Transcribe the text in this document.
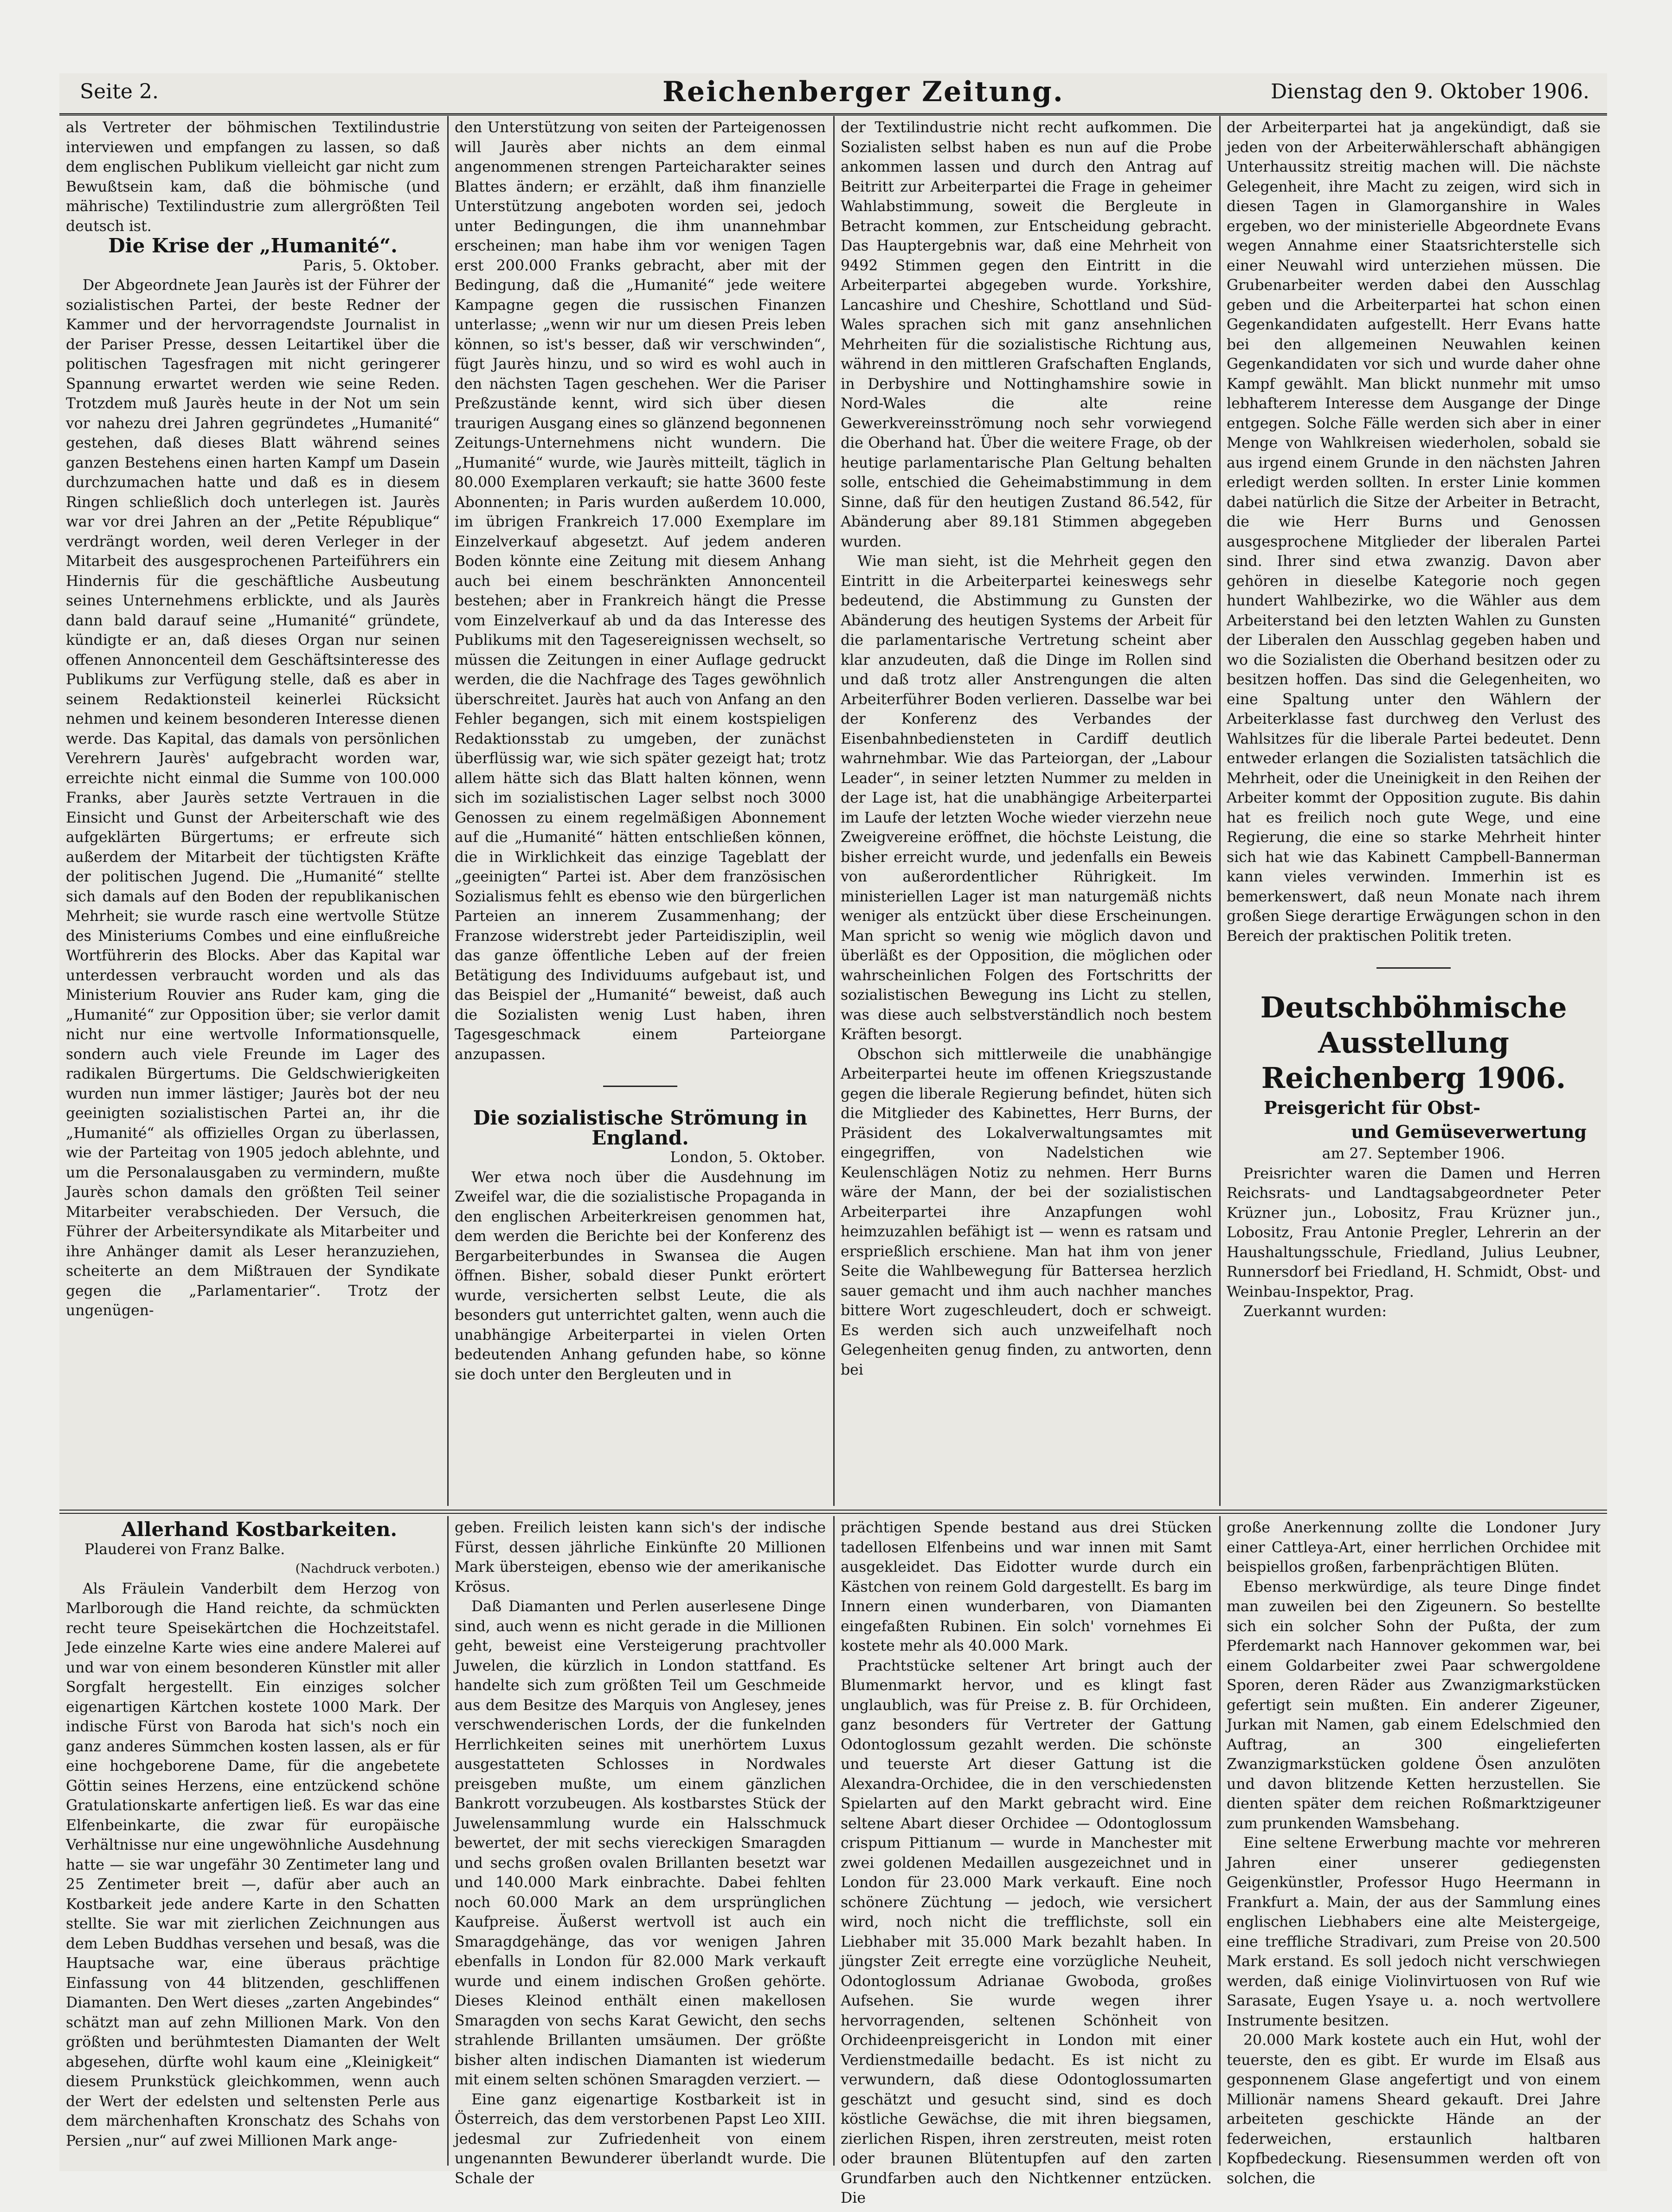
Seite 2.	Reichenberger Zeitung.	Dienstag den 9. Oktober 1906.

als Vertreter der böhmischen Textilindustrie interviewen und empfangen zu lassen, so daß dem englischen Publikum vielleicht gar nicht zum Bewußtsein kam, daß die böhmische (und mährische) Textilindustrie zum allergrößten Teil deutsch ist.

Die Krise der „Humanité“.

Paris, 5. Oktober.

Der Abgeordnete Jean Jaurès ist der Führer der sozialistischen Partei, der beste Redner der Kammer und der hervorragendste Journalist in der Pariser Presse, dessen Leitartikel über die politischen Tagesfragen mit nicht geringerer Spannung erwartet werden wie seine Reden. Trotzdem muß Jaurès heute in der Not um sein vor nahezu drei Jahren gegründetes „Humanité“ gestehen, daß dieses Blatt während seines ganzen Bestehens einen harten Kampf um Dasein durchzumachen hatte und daß es in diesem Ringen schließlich doch unterlegen ist. Jaurès war vor drei Jahren an der „Petite République“ verdrängt worden, weil deren Verleger in der Mitarbeit des ausgesprochenen Parteiführers ein Hindernis für die geschäftliche Ausbeutung seines Unternehmens erblickte, und als Jaurès dann bald darauf seine „Humanité“ gründete, kündigte er an, daß dieses Organ nur seinen offenen Annoncenteil dem Geschäftsinteresse des Publikums zur Verfügung stelle, daß es aber in seinem Redaktionsteil keinerlei Rücksicht nehmen und keinem besonderen Interesse dienen werde. Das Kapital, das damals von persönlichen Verehrern Jaurès' aufgebracht worden war, erreichte nicht einmal die Summe von 100.000 Franks, aber Jaurès setzte Vertrauen in die Einsicht und Gunst der Arbeiterschaft wie des aufgeklärten Bürgertums; er erfreute sich außerdem der Mitarbeit der tüchtigsten Kräfte der politischen Jugend. Die „Humanité“ stellte sich damals auf den Boden der republikanischen Mehrheit; sie wurde rasch eine wertvolle Stütze des Ministeriums Combes und eine einflußreiche Wortführerin des Blocks. Aber das Kapital war unterdessen verbraucht worden und als das Ministerium Rouvier ans Ruder kam, ging die „Humanité“ zur Opposition über; sie verlor damit nicht nur eine wertvolle Informationsquelle, sondern auch viele Freunde im Lager des radikalen Bürgertums. Die Geldschwierigkeiten wurden nun immer lästiger; Jaurès bot der neu geeinigten sozialistischen Partei an, ihr die „Humanité“ als offizielles Organ zu überlassen, wie der Parteitag von 1905 jedoch ablehnte, und um die Personalausgaben zu vermindern, mußte Jaurès schon damals den größten Teil seiner Mitarbeiter verabschieden. Der Versuch, die Führer der Arbeitersyndikate als Mitarbeiter und ihre Anhänger damit als Leser heranzuziehen, scheiterte an dem Mißtrauen der Syndikate gegen die „Parlamentarier“. Trotz der ungenügen-

den Unterstützung von seiten der Parteigenossen will Jaurès aber nichts an dem einmal angenommenen strengen Parteicharakter seines Blattes ändern; er erzählt, daß ihm finanzielle Unterstützung angeboten worden sei, jedoch unter Bedingungen, die ihm unannehmbar erscheinen; man habe ihm vor wenigen Tagen erst 200.000 Franks gebracht, aber mit der Bedingung, daß die „Humanité“ jede weitere Kampagne gegen die russischen Finanzen unterlasse; „wenn wir nur um diesen Preis leben können, so ist's besser, daß wir verschwinden“, fügt Jaurès hinzu, und so wird es wohl auch in den nächsten Tagen geschehen. Wer die Pariser Preßzustände kennt, wird sich über diesen traurigen Ausgang eines so glänzend begonnenen Zeitungs-Unternehmens nicht wundern. Die „Humanité“ wurde, wie Jaurès mitteilt, täglich in 80.000 Exemplaren verkauft; sie hatte 3600 feste Abonnenten; in Paris wurden außerdem 10.000, im übrigen Frankreich 17.000 Exemplare im Einzelverkauf abgesetzt. Auf jedem anderen Boden könnte eine Zeitung mit diesem Anhang auch bei einem beschränkten Annoncenteil bestehen; aber in Frankreich hängt die Presse vom Einzelverkauf ab und da das Interesse des Publikums mit den Tagesereignissen wechselt, so müssen die Zeitungen in einer Auflage gedruckt werden, die die Nachfrage des Tages gewöhnlich überschreitet. Jaurès hat auch von Anfang an den Fehler begangen, sich mit einem kostspieligen Redaktionsstab zu umgeben, der zunächst überflüssig war, wie sich später gezeigt hat; trotz allem hätte sich das Blatt halten können, wenn sich im sozialistischen Lager selbst noch 3000 Genossen zu einem regelmäßigen Abonnement auf die „Humanité“ hätten entschließen können, die in Wirklichkeit das einzige Tageblatt der „geeinigten“ Partei ist. Aber dem französischen Sozialismus fehlt es ebenso wie den bürgerlichen Parteien an innerem Zusammenhang; der Franzose widerstrebt jeder Parteidisziplin, weil das ganze öffentliche Leben auf der freien Betätigung des Individuums aufgebaut ist, und das Beispiel der „Humanité“ beweist, daß auch die Sozialisten wenig Lust haben, ihren Tagesgeschmack einem Parteiorgane anzupassen.

Die sozialistische Strömung in England.

London, 5. Oktober.

Wer etwa noch über die Ausdehnung im Zweifel war, die die sozialistische Propaganda in den englischen Arbeiterkreisen genommen hat, dem werden die Berichte bei der Konferenz des Bergarbeiterbundes in Swansea die Augen öffnen. Bisher, sobald dieser Punkt erörtert wurde, versicherten selbst Leute, die als besonders gut unterrichtet galten, wenn auch die unabhängige Arbeiterpartei in vielen Orten bedeutenden Anhang gefunden habe, so könne sie doch unter den Bergleuten und in

der Textilindustrie nicht recht aufkommen. Die Sozialisten selbst haben es nun auf die Probe ankommen lassen und durch den Antrag auf Beitritt zur Arbeiterpartei die Frage in geheimer Wahlabstimmung, soweit die Bergleute in Betracht kommen, zur Entscheidung gebracht. Das Hauptergebnis war, daß eine Mehrheit von 9492 Stimmen gegen den Eintritt in die Arbeiterpartei abgegeben wurde. Yorkshire, Lancashire und Cheshire, Schottland und Süd-Wales sprachen sich mit ganz ansehnlichen Mehrheiten für die sozialistische Richtung aus, während in den mittleren Grafschaften Englands, in Derbyshire und Nottinghamshire sowie in Nord-Wales die alte reine Gewerkvereinsströmung noch sehr vorwiegend die Oberhand hat. Über die weitere Frage, ob der heutige parlamentarische Plan Geltung behalten solle, entschied die Geheimabstimmung in dem Sinne, daß für den heutigen Zustand 86.542, für Abänderung aber 89.181 Stimmen abgegeben wurden.

Wie man sieht, ist die Mehrheit gegen den Eintritt in die Arbeiterpartei keineswegs sehr bedeutend, die Abstimmung zu Gunsten der Abänderung des heutigen Systems der Arbeit für die parlamentarische Vertretung scheint aber klar anzudeuten, daß die Dinge im Rollen sind und daß trotz aller Anstrengungen die alten Arbeiterführer Boden verlieren. Dasselbe war bei der Konferenz des Verbandes der Eisenbahnbediensteten in Cardiff deutlich wahrnehmbar. Wie das Parteiorgan, der „Labour Leader“, in seiner letzten Nummer zu melden in der Lage ist, hat die unabhängige Arbeiterpartei im Laufe der letzten Woche wieder vierzehn neue Zweigvereine eröffnet, die höchste Leistung, die bisher erreicht wurde, und jedenfalls ein Beweis von außerordentlicher Rührigkeit. Im ministeriellen Lager ist man naturgemäß nichts weniger als entzückt über diese Erscheinungen. Man spricht so wenig wie möglich davon und überläßt es der Opposition, die möglichen oder wahrscheinlichen Folgen des Fortschritts der sozialistischen Bewegung ins Licht zu stellen, was diese auch selbstverständlich noch bestem Kräften besorgt.

Obschon sich mittlerweile die unabhängige Arbeiterpartei heute im offenen Kriegszustande gegen die liberale Regierung befindet, hüten sich die Mitglieder des Kabinettes, Herr Burns, der Präsident des Lokalverwaltungsamtes mit eingegriffen, von Nadelstichen wie Keulenschlägen Notiz zu nehmen. Herr Burns wäre der Mann, der bei der sozialistischen Arbeiterpartei ihre Anzapfungen wohl heimzuzahlen befähigt ist — wenn es ratsam und ersprießlich erschiene. Man hat ihm von jener Seite die Wahlbewegung für Battersea herzlich sauer gemacht und ihm auch nachher manches bittere Wort zugeschleudert, doch er schweigt. Es werden sich auch unzweifelhaft noch Gelegenheiten genug finden, zu antworten, denn bei

der Arbeiterpartei hat ja angekündigt, daß sie jeden von der Arbeiterwählerschaft abhängigen Unterhaussitz streitig machen will. Die nächste Gelegenheit, ihre Macht zu zeigen, wird sich in diesen Tagen in Glamorganshire in Wales ergeben, wo der ministerielle Abgeordnete Evans wegen Annahme einer Staatsrichterstelle sich einer Neuwahl wird unterziehen müssen. Die Grubenarbeiter werden dabei den Ausschlag geben und die Arbeiterpartei hat schon einen Gegenkandidaten aufgestellt. Herr Evans hatte bei den allgemeinen Neuwahlen keinen Gegenkandidaten vor sich und wurde daher ohne Kampf gewählt. Man blickt nunmehr mit umso lebhafterem Interesse dem Ausgange der Dinge entgegen. Solche Fälle werden sich aber in einer Menge von Wahlkreisen wiederholen, sobald sie aus irgend einem Grunde in den nächsten Jahren erledigt werden sollten. In erster Linie kommen dabei natürlich die Sitze der Arbeiter in Betracht, die wie Herr Burns und Genossen ausgesprochene Mitglieder der liberalen Partei sind. Ihrer sind etwa zwanzig. Davon aber gehören in dieselbe Kategorie noch gegen hundert Wahlbezirke, wo die Wähler aus dem Arbeiterstand bei den letzten Wahlen zu Gunsten der Liberalen den Ausschlag gegeben haben und wo die Sozialisten die Oberhand besitzen oder zu besitzen hoffen. Das sind die Gelegenheiten, wo eine Spaltung unter den Wählern der Arbeiterklasse fast durchweg den Verlust des Wahlsitzes für die liberale Partei bedeutet. Denn entweder erlangen die Sozialisten tatsächlich die Mehrheit, oder die Uneinigkeit in den Reihen der Arbeiter kommt der Opposition zugute. Bis dahin hat es freilich noch gute Wege, und eine Regierung, die eine so starke Mehrheit hinter sich hat wie das Kabinett Campbell-Bannerman kann vieles verwinden. Immerhin ist es bemerkenswert, daß neun Monate nach ihrem großen Siege derartige Erwägungen schon in den Bereich der praktischen Politik treten.

Deutschböhmische Ausstellung Reichenberg 1906.

Preisgericht für Obst-

und Gemüseverwertung

am 27. September 1906.

Preisrichter waren die Damen und Herren Reichsrats- und Landtagsabgeordneter Peter Krüzner jun., Lobositz, Frau Krüzner jun., Lobositz, Frau Antonie Pregler, Lehrerin an der Haushaltungsschule, Friedland, Julius Leubner, Runnersdorf bei Friedland, H. Schmidt, Obst- und Weinbau-Inspektor, Prag.

Zuerkannt wurden:

Allerhand Kostbarkeiten.

Plauderei von Franz Balke.

(Nachdruck verboten.)

Als Fräulein Vanderbilt dem Herzog von Marlborough die Hand reichte, da schmückten recht teure Speisekärtchen die Hochzeitstafel. Jede einzelne Karte wies eine andere Malerei auf und war von einem besonderen Künstler mit aller Sorgfalt hergestellt. Ein einziges solcher eigenartigen Kärtchen kostete 1000 Mark. Der indische Fürst von Baroda hat sich's noch ein ganz anderes Sümmchen kosten lassen, als er für eine hochgeborene Dame, für die angebetete Göttin seines Herzens, eine entzückend schöne Gratulationskarte anfertigen ließ. Es war das eine Elfenbeinkarte, die zwar für europäische Verhältnisse nur eine ungewöhnliche Ausdehnung hatte — sie war ungefähr 30 Zentimeter lang und 25 Zentimeter breit —, dafür aber auch an Kostbarkeit jede andere Karte in den Schatten stellte. Sie war mit zierlichen Zeichnungen aus dem Leben Buddhas versehen und besaß, was die Hauptsache war, eine überaus prächtige Einfassung von 44 blitzenden, geschliffenen Diamanten. Den Wert dieses „zarten Angebindes“ schätzt man auf zehn Millionen Mark. Von den größten und berühmtesten Diamanten der Welt abgesehen, dürfte wohl kaum eine „Kleinigkeit“ diesem Prunkstück gleichkommen, wenn auch der Wert der edelsten und seltensten Perle aus dem märchenhaften Kronschatz des Schahs von Persien „nur“ auf zwei Millionen Mark ange-

geben. Freilich leisten kann sich's der indische Fürst, dessen jährliche Einkünfte 20 Millionen Mark übersteigen, ebenso wie der amerikanische Krösus.

Daß Diamanten und Perlen auserlesene Dinge sind, auch wenn es nicht gerade in die Millionen geht, beweist eine Versteigerung prachtvoller Juwelen, die kürzlich in London stattfand. Es handelte sich zum größten Teil um Geschmeide aus dem Besitze des Marquis von Anglesey, jenes verschwenderischen Lords, der die funkelnden Herrlichkeiten seines mit unerhörtem Luxus ausgestatteten Schlosses in Nordwales preisgeben mußte, um einem gänzlichen Bankrott vorzubeugen. Als kostbarstes Stück der Juwelensammlung wurde ein Halsschmuck bewertet, der mit sechs viereckigen Smaragden und sechs großen ovalen Brillanten besetzt war und 140.000 Mark einbrachte. Dabei fehlten noch 60.000 Mark an dem ursprünglichen Kaufpreise. Äußerst wertvoll ist auch ein Smaragdgehänge, das vor wenigen Jahren ebenfalls in London für 82.000 Mark verkauft wurde und einem indischen Großen gehörte. Dieses Kleinod enthält einen makellosen Smaragden von sechs Karat Gewicht, den sechs strahlende Brillanten umsäumen. Der größte bisher alten indischen Diamanten ist wiederum mit einem selten schönen Smaragden verziert. —

Eine ganz eigenartige Kostbarkeit ist in Österreich, das dem verstorbenen Papst Leo XIII. jedesmal zur Zufriedenheit von einem ungenannten Bewunderer überlandt wurde. Die Schale der

prächtigen Spende bestand aus drei Stücken tadellosen Elfenbeins und war innen mit Samt ausgekleidet. Das Eidotter wurde durch ein Kästchen von reinem Gold dargestellt. Es barg im Innern einen wunderbaren, von Diamanten eingefaßten Rubinen. Ein solch' vornehmes Ei kostete mehr als 40.000 Mark.

Prachtstücke seltener Art bringt auch der Blumenmarkt hervor, und es klingt fast unglaublich, was für Preise z. B. für Orchideen, ganz besonders für Vertreter der Gattung Odontoglossum gezahlt werden. Die schönste und teuerste Art dieser Gattung ist die Alexandra-Orchidee, die in den verschiedensten Spielarten auf den Markt gebracht wird. Eine seltene Abart dieser Orchidee — Odontoglossum crispum Pittianum — wurde in Manchester mit zwei goldenen Medaillen ausgezeichnet und in London für 23.000 Mark verkauft. Eine noch schönere Züchtung — jedoch, wie versichert wird, noch nicht die trefflichste, soll ein Liebhaber mit 35.000 Mark bezahlt haben. In jüngster Zeit erregte eine vorzügliche Neuheit, Odontoglossum Adrianae Gwoboda, großes Aufsehen. Sie wurde wegen ihrer hervorragenden, seltenen Schönheit von Orchideenpreisgericht in London mit einer Verdienstmedaille bedacht. Es ist nicht zu verwundern, daß diese Odontoglossumarten geschätzt und gesucht sind, sind es doch köstliche Gewächse, die mit ihren biegsamen, zierlichen Rispen, ihren zerstreuten, meist roten oder braunen Blütentupfen auf den zarten Grundfarben auch den Nichtkenner entzücken. Die

große Anerkennung zollte die Londoner Jury einer Cattleya-Art, einer herrlichen Orchidee mit beispiellos großen, farbenprächtigen Blüten.

Ebenso merkwürdige, als teure Dinge findet man zuweilen bei den Zigeunern. So bestellte sich ein solcher Sohn der Pußta, der zum Pferdemarkt nach Hannover gekommen war, bei einem Goldarbeiter zwei Paar schwergoldene Sporen, deren Räder aus Zwanzigmarkstücken gefertigt sein mußten. Ein anderer Zigeuner, Jurkan mit Namen, gab einem Edelschmied den Auftrag, an 300 eingelieferten Zwanzigmarkstücken goldene Ösen anzulöten und davon blitzende Ketten herzustellen. Sie dienten später dem reichen Roßmarktzigeuner zum prunkenden Wamsbehang.

Eine seltene Erwerbung machte vor mehreren Jahren einer unserer gediegensten Geigenkünstler, Professor Hugo Heermann in Frankfurt a. Main, der aus der Sammlung eines englischen Liebhabers eine alte Meistergeige, eine treffliche Stradivari, zum Preise von 20.500 Mark erstand. Es soll jedoch nicht verschwiegen werden, daß einige Violinvirtuosen von Ruf wie Sarasate, Eugen Ysaye u. a. noch wertvollere Instrumente besitzen.

20.000 Mark kostete auch ein Hut, wohl der teuerste, den es gibt. Er wurde im Elsaß aus gesponnenem Glase angefertigt und von einem Millionär namens Sheard gekauft. Drei Jahre arbeiteten geschickte Hände an der federweichen, erstaunlich haltbaren Kopfbedeckung. Riesensummen werden oft von solchen, die
